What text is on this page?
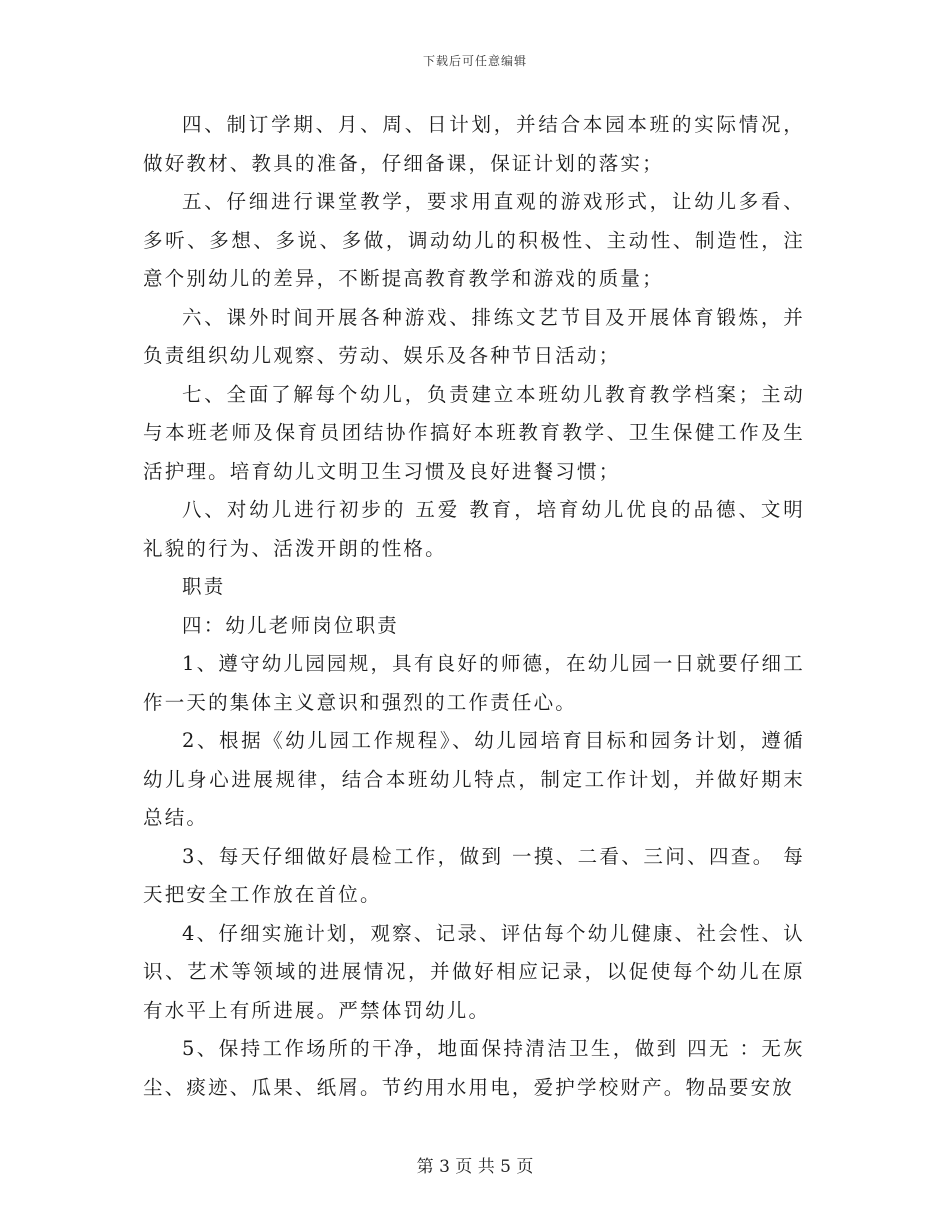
下载后可任意编辑

四、制订学期、月、周、日计划，并结合本园本班的实际情况，做好教材、教具的准备，仔细备课，保证计划的落实；

五、仔细进行课堂教学，要求用直观的游戏形式，让幼儿多看、多听、多想、多说、多做，调动幼儿的积极性、主动性、制造性，注意个别幼儿的差异，不断提高教育教学和游戏的质量；

六、课外时间开展各种游戏、排练文艺节目及开展体育锻炼，并负责组织幼儿观察、劳动、娱乐及各种节日活动；

七、全面了解每个幼儿，负责建立本班幼儿教育教学档案；主动与本班老师及保育员团结协作搞好本班教育教学、卫生保健工作及生活护理。培育幼儿文明卫生习惯及良好进餐习惯；

八、对幼儿进行初步的 五爱 教育，培育幼儿优良的品德、文明礼貌的行为、活泼开朗的性格。

职责

四：幼儿老师岗位职责

1、遵守幼儿园园规，具有良好的师德，在幼儿园一日就要仔细工作一天的集体主义意识和强烈的工作责任心。

2、根据《幼儿园工作规程》、幼儿园培育目标和园务计划，遵循幼儿身心进展规律，结合本班幼儿特点，制定工作计划，并做好期末总结。

3、每天仔细做好晨检工作，做到 一摸、二看、三问、四查。 每天把安全工作放在首位。

4、仔细实施计划，观察、记录、评估每个幼儿健康、社会性、认识、艺术等领域的进展情况，并做好相应记录，以促使每个幼儿在原有水平上有所进展。严禁体罚幼儿。

5、保持工作场所的干净，地面保持清洁卫生，做到 四无 ：无灰尘、痰迹、瓜果、纸屑。节约用水用电，爱护学校财产。物品要安放

第 3 页 共 5 页
